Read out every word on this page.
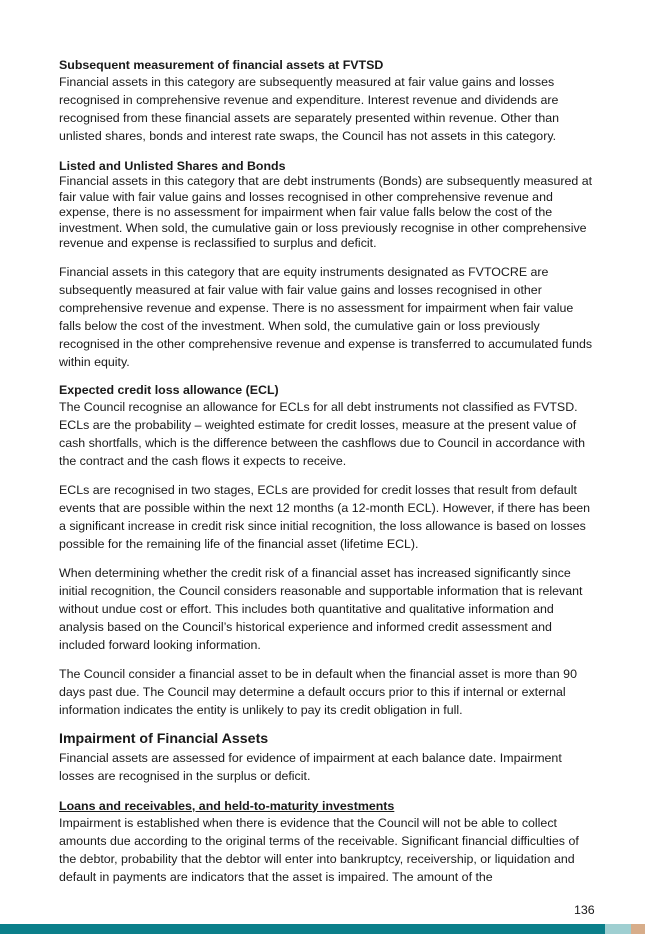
Subsequent measurement of financial assets at FVTSD

Financial assets in this category are subsequently measured at fair value gains and losses recognised in comprehensive revenue and expenditure. Interest revenue and dividends are recognised from these financial assets are separately presented within revenue. Other than unlisted shares, bonds and interest rate swaps, the Council has not assets in this category.

Listed and Unlisted Shares and Bonds

Financial assets in this category that are debt instruments (Bonds) are subsequently measured at fair value with fair value gains and losses recognised in other comprehensive revenue and expense, there is no assessment for impairment when fair value falls below the cost of the investment. When sold, the cumulative gain or loss previously recognise in other comprehensive revenue and expense is reclassified to surplus and deficit.

Financial assets in this category that are equity instruments designated as FVTOCRE are subsequently measured at fair value with fair value gains and losses recognised in other comprehensive revenue and expense. There is no assessment for impairment when fair value falls below the cost of the investment. When sold, the cumulative gain or loss previously recognised in the other comprehensive revenue and expense is transferred to accumulated funds within equity.

Expected credit loss allowance (ECL)

The Council recognise an allowance for ECLs for all debt instruments not classified as FVTSD. ECLs are the probability – weighted estimate for credit losses, measure at the present value of cash shortfalls, which is the difference between the cashflows due to Council in accordance with the contract and the cash flows it expects to receive.

ECLs are recognised in two stages, ECLs are provided for credit losses that result from default events that are possible within the next 12 months (a 12-month ECL). However, if there has been a significant increase in credit risk since initial recognition, the loss allowance is based on losses possible for the remaining life of the financial asset (lifetime ECL).

When determining whether the credit risk of a financial asset has increased significantly since initial recognition, the Council considers reasonable and supportable information that is relevant without undue cost or effort. This includes both quantitative and qualitative information and analysis based on the Council’s historical experience and informed credit assessment and included forward looking information.

The Council consider a financial asset to be in default when the financial asset is more than 90 days past due. The Council may determine a default occurs prior to this if internal or external information indicates the entity is unlikely to pay its credit obligation in full.

Impairment of Financial Assets

Financial assets are assessed for evidence of impairment at each balance date. Impairment losses are recognised in the surplus or deficit.

Loans and receivables, and held-to-maturity investments

Impairment is established when there is evidence that the Council will not be able to collect amounts due according to the original terms of the receivable. Significant financial difficulties of the debtor, probability that the debtor will enter into bankruptcy, receivership, or liquidation and default in payments are indicators that the asset is impaired. The amount of the

136
